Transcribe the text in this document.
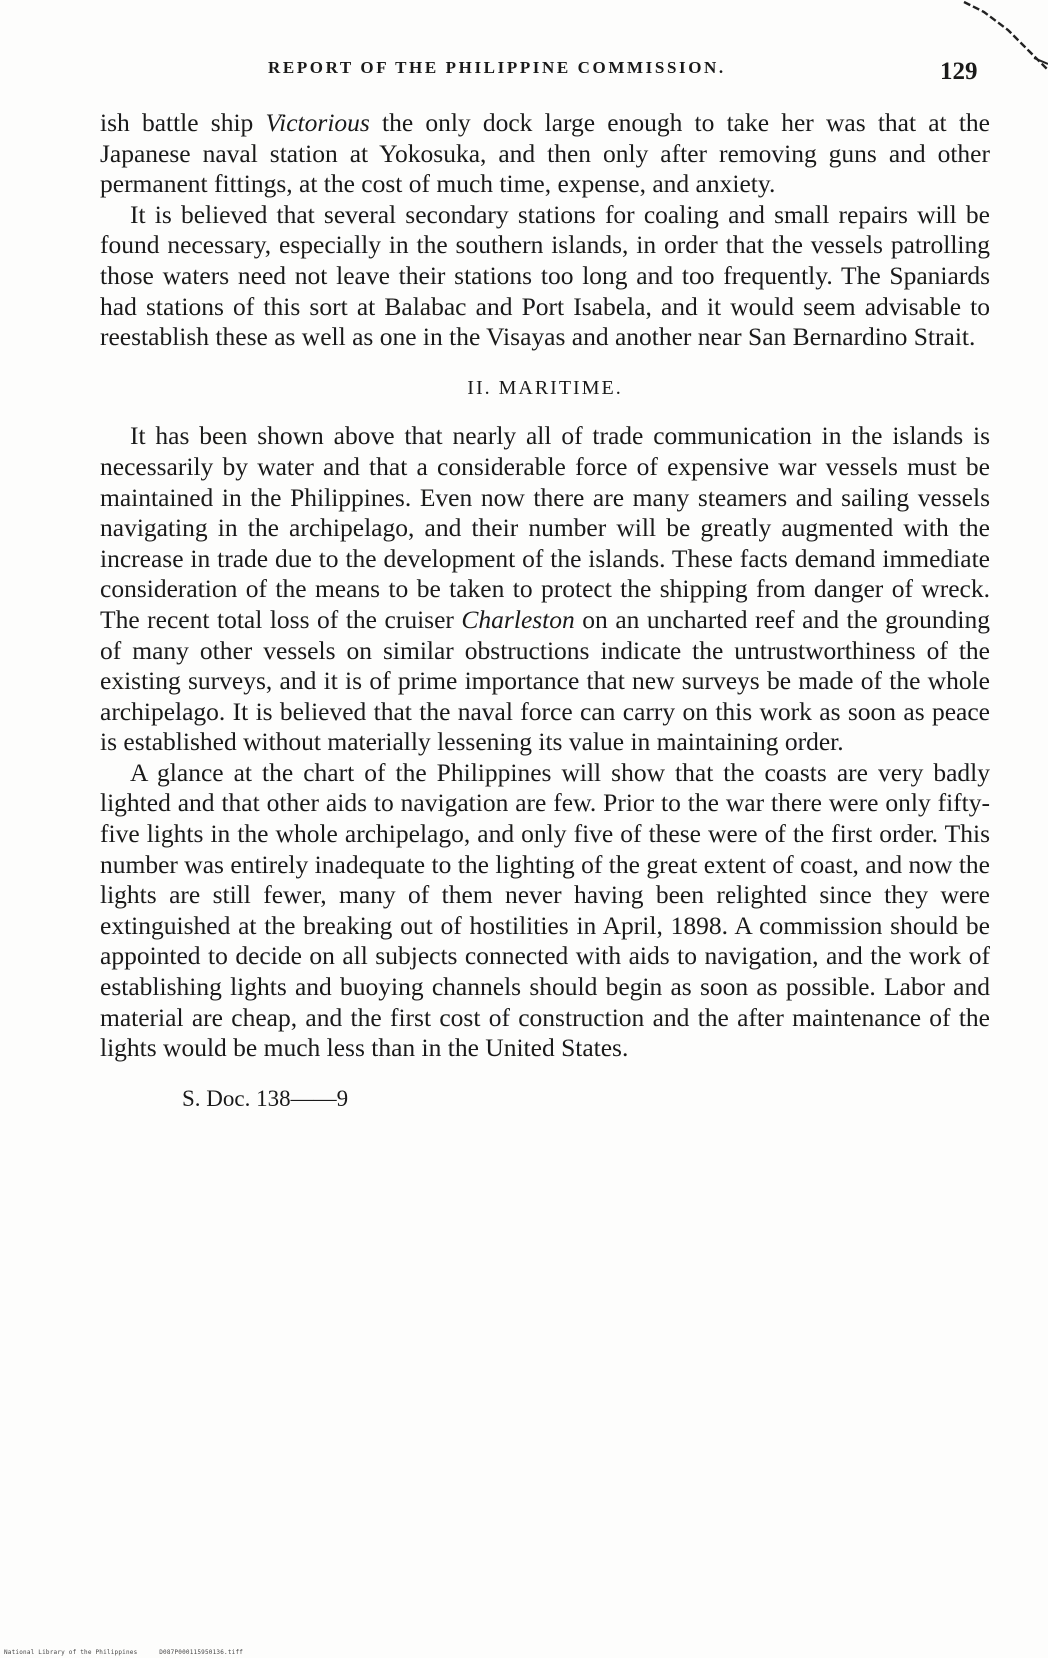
REPORT OF THE PHILIPPINE COMMISSION.	129

ish battle ship Victorious the only dock large enough to take her was that at the Japanese naval station at Yokosuka, and then only after removing guns and other permanent fittings, at the cost of much time, expense, and anxiety.

It is believed that several secondary stations for coaling and small repairs will be found necessary, especially in the southern islands, in order that the vessels patrolling those waters need not leave their stations too long and too frequently. The Spaniards had stations of this sort at Balabac and Port Isabela, and it would seem advisable to reestablish these as well as one in the Visayas and another near San Bernardino Strait.

II. MARITIME.

It has been shown above that nearly all of trade communication in the islands is necessarily by water and that a considerable force of expensive war vessels must be maintained in the Philippines. Even now there are many steamers and sailing vessels navigating in the archipelago, and their number will be greatly augmented with the increase in trade due to the development of the islands. These facts demand immediate consideration of the means to be taken to protect the shipping from danger of wreck. The recent total loss of the cruiser Charleston on an uncharted reef and the grounding of many other vessels on similar obstructions indicate the untrustworthiness of the existing surveys, and it is of prime importance that new surveys be made of the whole archipelago. It is believed that the naval force can carry on this work as soon as peace is established without materially lessening its value in maintaining order.

A glance at the chart of the Philippines will show that the coasts are very badly lighted and that other aids to navigation are few. Prior to the war there were only fifty-five lights in the whole archipelago, and only five of these were of the first order. This number was entirely inadequate to the lighting of the great extent of coast, and now the lights are still fewer, many of them never having been relighted since they were extinguished at the breaking out of hostilities in April, 1898. A commission should be appointed to decide on all subjects connected with aids to navigation, and the work of establishing lights and buoying channels should begin as soon as possible. Labor and material are cheap, and the first cost of construction and the after maintenance of the lights would be much less than in the United States.

S. Doc. 138——9
National Library of the Philippines	D087P000115950136.tiff
